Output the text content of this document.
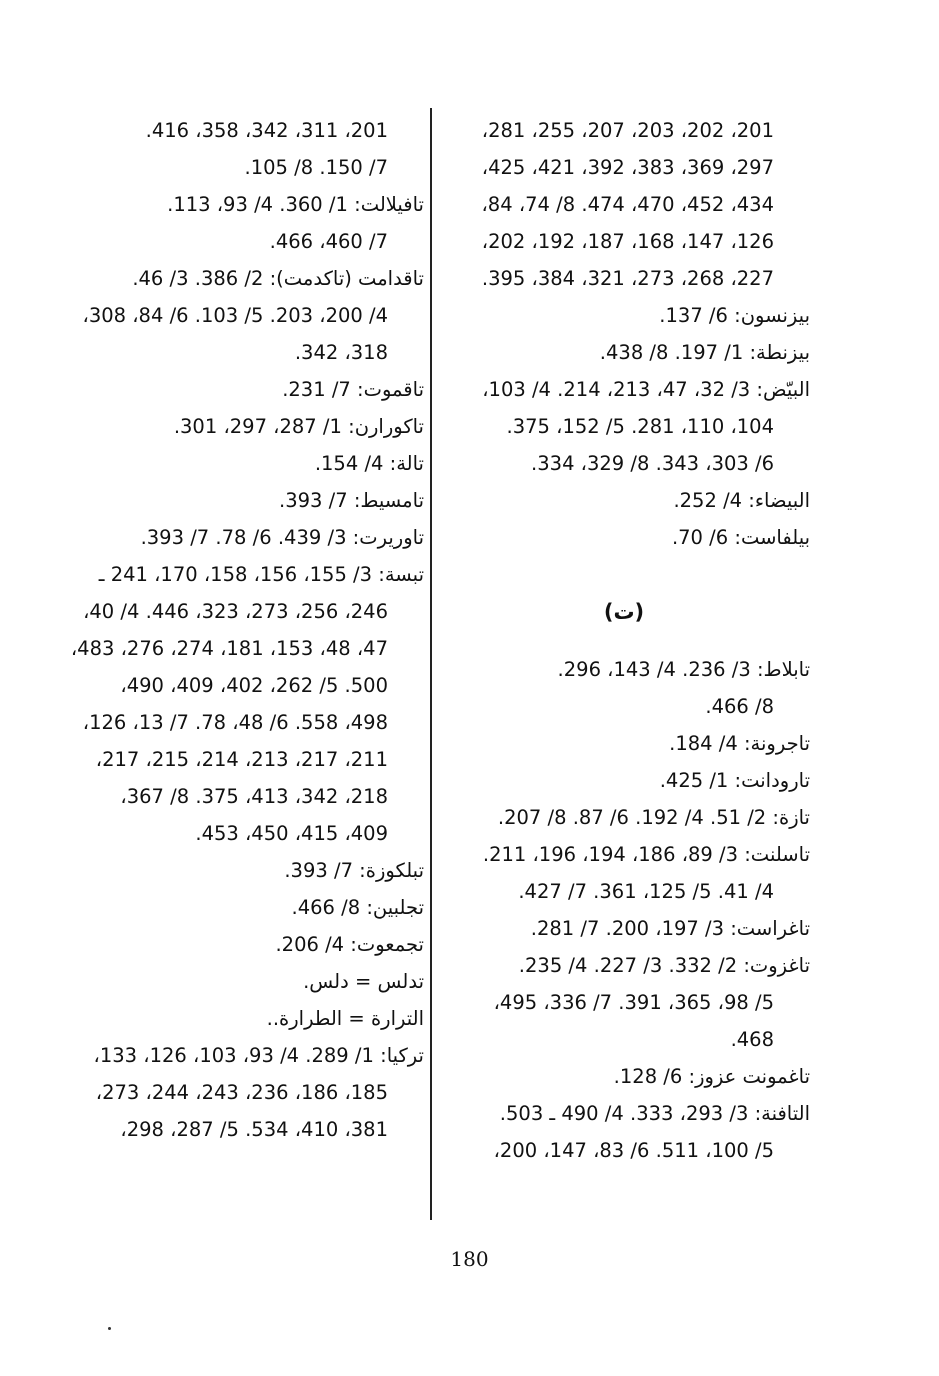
201، 202، 203، 207، 255، 281،
297، 369، 383، 392، 421، 425،
434، 452، 470، 474. 8/ 74، 84،
126، 147، 168، 187، 192، 202،
227، 268، 273، 321، 384، 395.
بيزنسون: 6/ 137.
بيزنطة: 1/ 197. 8/ 438.
البيّض: 3/ 32، 47، 213، 214. 4/ 103،
104، 110، 281. 5/ 152، 375.
6/ 303، 343. 8/ 329، 334.
البيضاء: 4/ 252.
بيلفاست: 6/ 70.
(ت)
تابلاط: 3/ 236. 4/ 143، 296.
8/ 466.
تاجرونة: 4/ 184.
تارودانت: 1/ 425.
تازة: 2/ 51. 4/ 192. 6/ 87. 8/ 207.
تاسلنت: 3/ 89، 186، 194، 196، 211.
4/ 41. 5/ 125، 361. 7/ 427.
تاغراست: 3/ 197، 200. 7/ 281.
تاغزوت: 2/ 332. 3/ 227. 4/ 235.
5/ 98، 365، 391. 7/ 336، 495،
468.
تاغمونت عزوز: 6/ 128.
التافنة: 3/ 293، 333. 4/ 490 ـ 503.
5/ 100، 511. 6/ 83، 147، 200،
201، 311، 342، 358، 416.
7/ 150. 8/ 105.
تافيلالت: 1/ 360. 4/ 93، 113.
7/ 460، 466.
تاقدامت (تاكدمت): 2/ 386. 3/ 46.
4/ 200، 203. 5/ 103. 6/ 84، 308،
318، 342.
تاقموت: 7/ 231.
تاكورارن: 1/ 287، 297، 301.
تالة: 4/ 154.
تامسيط: 7/ 393.
تاوريرت: 3/ 439. 6/ 78. 7/ 393.
تبسة: 3/ 155، 156، 158، 170، 241 ـ
246، 256، 273، 323، 446. 4/ 40،
47، 48، 153، 181، 274، 276، 483،
500. 5/ 262، 402، 409، 490،
498، 558. 6/ 48، 78. 7/ 13، 126،
211، 217، 213، 214، 215، 217،
218، 342، 413، 375. 8/ 367،
409، 415، 450، 453.
تبلكوزة: 7/ 393.
تجلبين: 8/ 466.
تجمعوت: 4/ 206.
تدلس = دلس.
الترارة = الطرارة..
تركيا: 1/ 289. 4/ 93، 103، 126، 133،
185، 186، 236، 243، 244، 273،
381، 410، 534. 5/ 287، 298،
180
